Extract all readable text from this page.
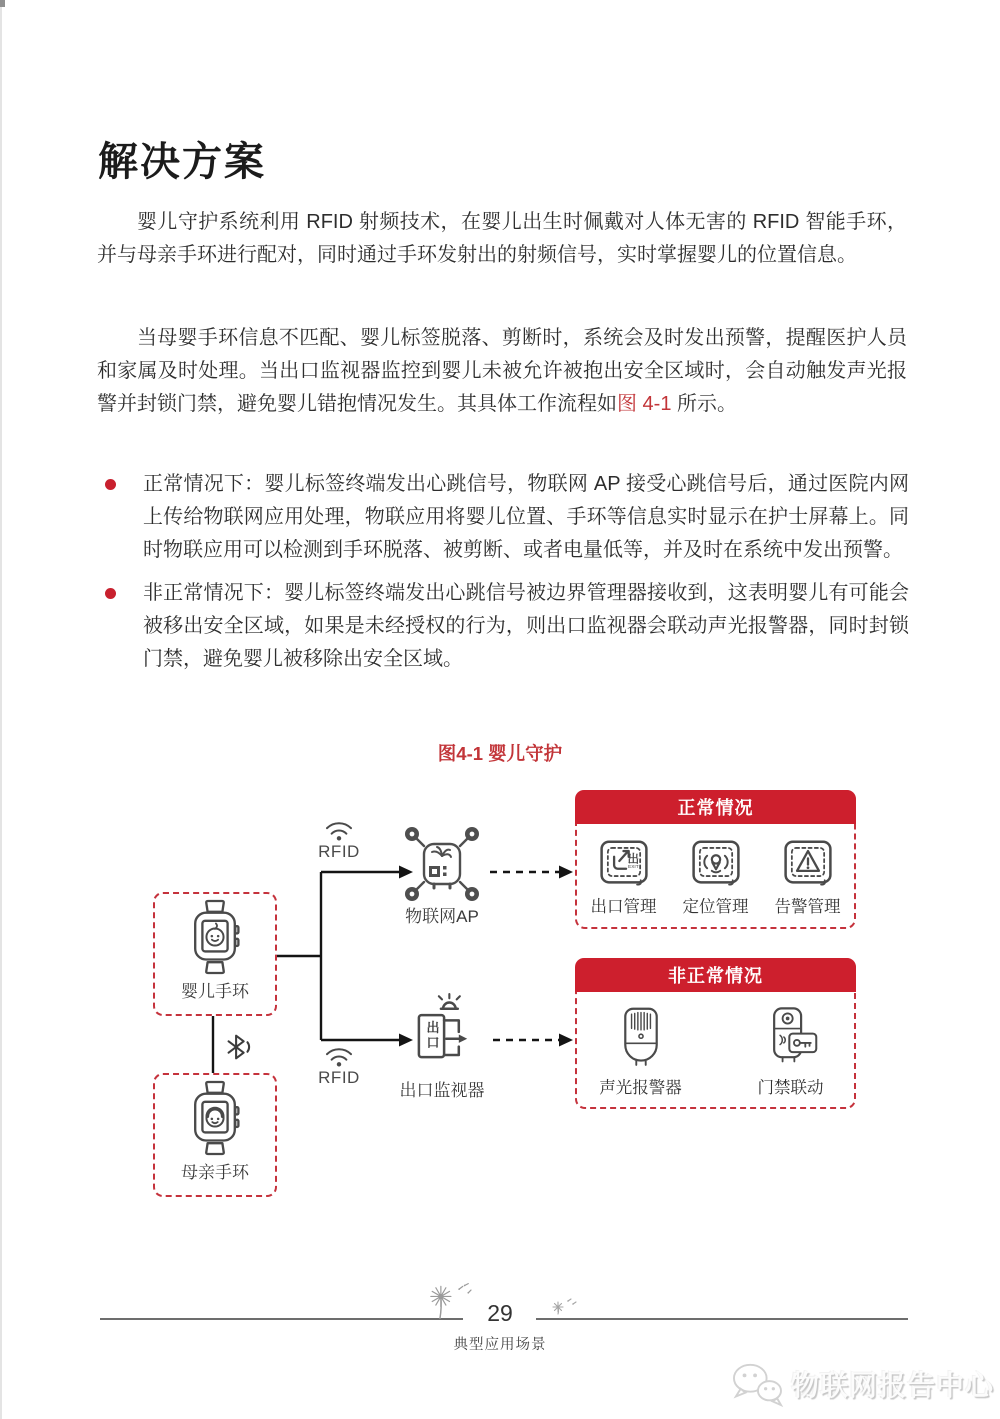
解决方案
婴儿守护系统利用 RFID 射频技术，在婴儿出生时佩戴对人体无害的 RFID 智能手环，并与母亲手环进行配对，同时通过手环发射出的射频信号，实时掌握婴儿的位置信息。
当母婴手环信息不匹配、婴儿标签脱落、剪断时，系统会及时发出预警，提醒医护人员和家属及时处理。当出口监视器监控到婴儿未被允许被抱出安全区域时，会自动触发声光报警并封锁门禁，避免婴儿错抱情况发生。其具体工作流程如图 4-1 所示。
正常情况下：婴儿标签终端发出心跳信号，物联网 AP 接受心跳信号后，通过医院内网上传给物联网应用处理，物联应用将婴儿位置、手环等信息实时显示在护士屏幕上。同时物联应用可以检测到手环脱落、被剪断、或者电量低等，并及时在系统中发出预警。
非正常情况下：婴儿标签终端发出心跳信号被边界管理器接收到，这表明婴儿有可能会被移出安全区域，如果是未经授权的行为，则出口监视器会联动声光报警器，同时封锁门禁，避免婴儿被移除出安全区域。
图4-1 婴儿守护
婴儿手环
母亲手环
RFID
物联网AP
出口
出口监视器
RFID
正常情况
出
EXIT
出口管理 定位管理 告警管理
非正常情况
声光报警器	门禁联动
29
典型应用场景
物联网报告中心
